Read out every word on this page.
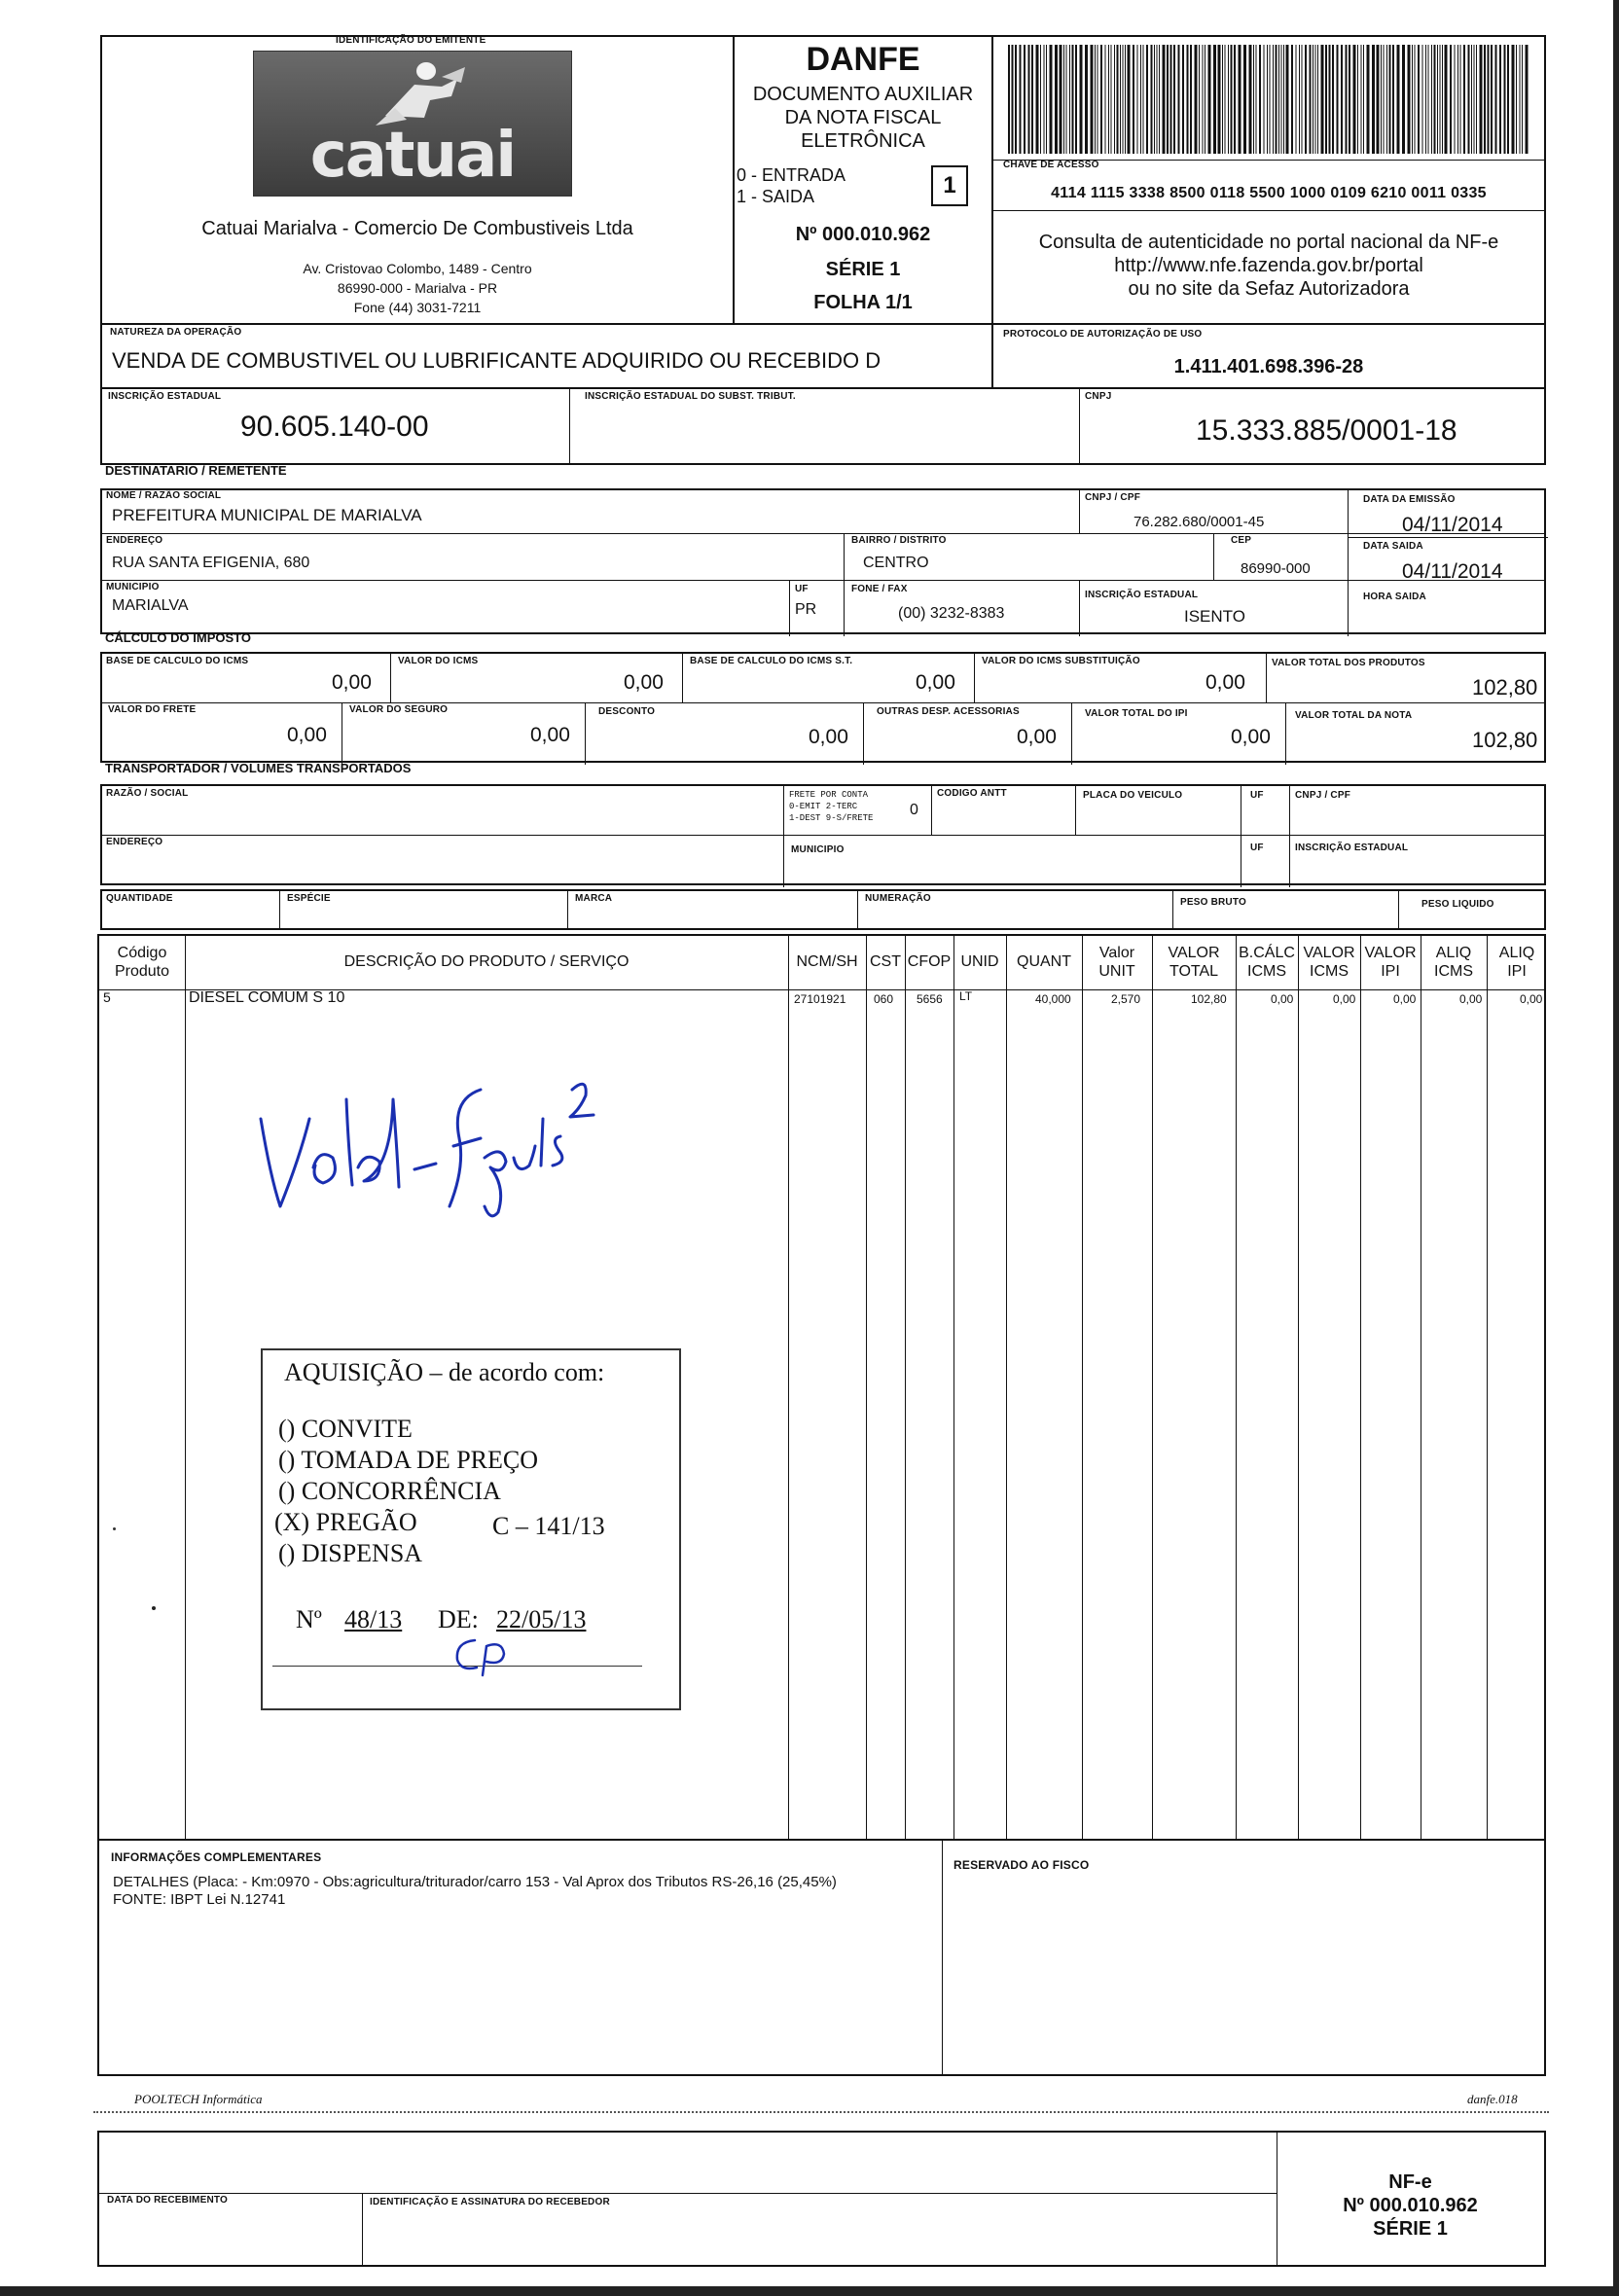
IDENTIFICAÇÃO DO EMITENTE
catuai
Catuai Marialva - Comercio De Combustiveis Ltda
Av. Cristovao Colombo, 1489 - Centro
86990-000 - Marialva - PR
Fone (44) 3031-7211
DANFE
DOCUMENTO AUXILIAR
DA NOTA FISCAL
ELETRÔNICA
0 - ENTRADA
1 - SAIDA	1
Nº 000.010.962
SÉRIE 1
FOLHA 1/1
CHAVE DE ACESSO
4114 1115 3338 8500 0118 5500 1000 0109 6210 0011 0335
Consulta de autenticidade no portal nacional da NF-e
http://www.nfe.fazenda.gov.br/portal
ou no site da Sefaz Autorizadora
NATUREZA DA OPERAÇÃO
VENDA DE COMBUSTIVEL OU LUBRIFICANTE ADQUIRIDO OU RECEBIDO D
PROTOCOLO DE AUTORIZAÇÃO DE USO
1.411.401.698.396-28
INSCRIÇÃO ESTADUAL
90.605.140-00
INSCRIÇÃO ESTADUAL DO SUBST. TRIBUT.	CNPJ
15.333.885/0001-18
DESTINATARIO / REMETENTE
NOME / RAZÃO SOCIAL
PREFEITURA MUNICIPAL DE MARIALVA
CNPJ / CPF
76.282.680/0001-45
DATA DA EMISSÃO
04/11/2014
ENDEREÇO
RUA SANTA EFIGENIA, 680
BAIRRO / DISTRITO
CENTRO
CEP
86990-000
DATA SAIDA
04/11/2014
MUNICIPIO
MARIALVA
UF
PR
FONE / FAX
(00) 3232-8383
INSCRIÇÃO ESTADUAL
ISENTO
HORA SAIDA
CÁLCULO DO IMPOSTO
BASE DE CALCULO DO ICMS
0,00
VALOR DO ICMS
0,00
BASE DE CALCULO DO ICMS S.T.
0,00
VALOR DO ICMS SUBSTITUIÇÃO
0,00
VALOR TOTAL DOS PRODUTOS
102,80
VALOR DO FRETE
0,00
VALOR DO SEGURO
0,00
DESCONTO
0,00
OUTRAS DESP. ACESSORIAS
0,00
VALOR TOTAL DO IPI
0,00
VALOR TOTAL DA NOTA
102,80
TRANSPORTADOR / VOLUMES TRANSPORTADOS
RAZÃO / SOCIAL	FRETE POR CONTA
0-EMIT 2-TERC
1-DEST 9-S/FRETE 0
CODIGO ANTT	PLACA DO VEICULO	UF	CNPJ / CPF
ENDEREÇO
MUNICIPIO	UF	INSCRIÇÃO ESTADUAL
QUANTIDADE	ESPÉCIE	MARCA	NUMERAÇÃO	PESO BRUTO	PESO LIQUIDO
Código Produto
DESCRIÇÃO DO PRODUTO / SERVIÇO	NCM/SH CST CFOP UNID	QUANT
Valor UNIT
VALOR TOTAL
B.CÁLC ICMS
VALOR ICMS
VALOR IPI
ALIQ ICMS
ALIQ IPI
5	DIESEL COMUM S 10	27101921 060 5656 LT	40,000	2,570	102,80	0,00	0,00	0,00	0,00	0,00
AQUISIÇÃO – de acordo com:
() CONVITE
() TOMADA DE PREÇO
() CONCORRÊNCIA
(X) PREGÃO	C – 141/13
() DISPENSA
Nº 48/13 DE: 22/05/13
INFORMAÇÕES COMPLEMENTARES
DETALHES (Placa: - Km:0970 - Obs:agricultura/triturador/carro 153 - Val Aprox dos Tributos RS-26,16 (25,45%)
FONTE: IBPT Lei N.12741
RESERVADO AO FISCO
POOLTECH Informática	danfe.018
DATA DO RECEBIMENTO	IDENTIFICAÇÃO E ASSINATURA DO RECEBEDOR
NF-e
Nº 000.010.962
SÉRIE 1
